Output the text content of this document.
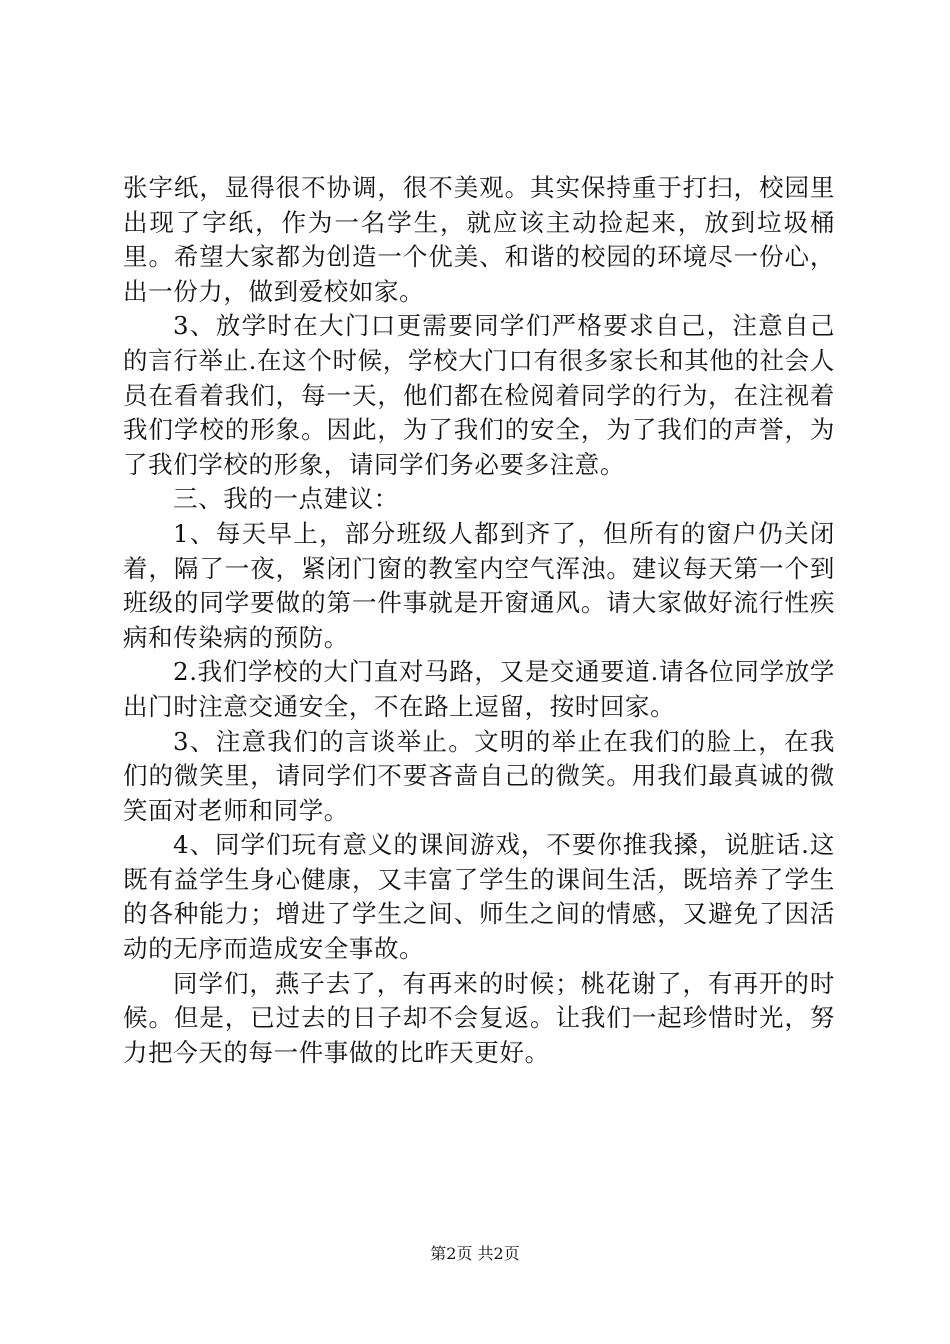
张字纸，显得很不协调，很不美观。其实保持重于打扫，校园里出现了字纸，作为一名学生，就应该主动捡起来，放到垃圾桶里。希望大家都为创造一个优美、和谐的校园的环境尽一份心，出一份力，做到爱校如家。

3、放学时在大门口更需要同学们严格要求自己，注意自己的言行举止.在这个时候，学校大门口有很多家长和其他的社会人员在看着我们，每一天，他们都在检阅着同学的行为，在注视着我们学校的形象。因此，为了我们的安全，为了我们的声誉，为了我们学校的形象，请同学们务必要多注意。

三、我的一点建议：

1、每天早上，部分班级人都到齐了，但所有的窗户仍关闭着，隔了一夜，紧闭门窗的教室内空气浑浊。建议每天第一个到班级的同学要做的第一件事就是开窗通风。请大家做好流行性疾病和传染病的预防。

2.我们学校的大门直对马路，又是交通要道.请各位同学放学出门时注意交通安全，不在路上逗留，按时回家。

3、注意我们的言谈举止。文明的举止在我们的脸上，在我们的微笑里，请同学们不要吝啬自己的微笑。用我们最真诚的微笑面对老师和同学。

4、同学们玩有意义的课间游戏，不要你推我搡，说脏话.这既有益学生身心健康，又丰富了学生的课间生活，既培养了学生的各种能力；增进了学生之间、师生之间的情感，又避免了因活动的无序而造成安全事故。

同学们，燕子去了，有再来的时候；桃花谢了，有再开的时候。但是，已过去的日子却不会复返。让我们一起珍惜时光，努力把今天的每一件事做的比昨天更好。

第2页 共2页
